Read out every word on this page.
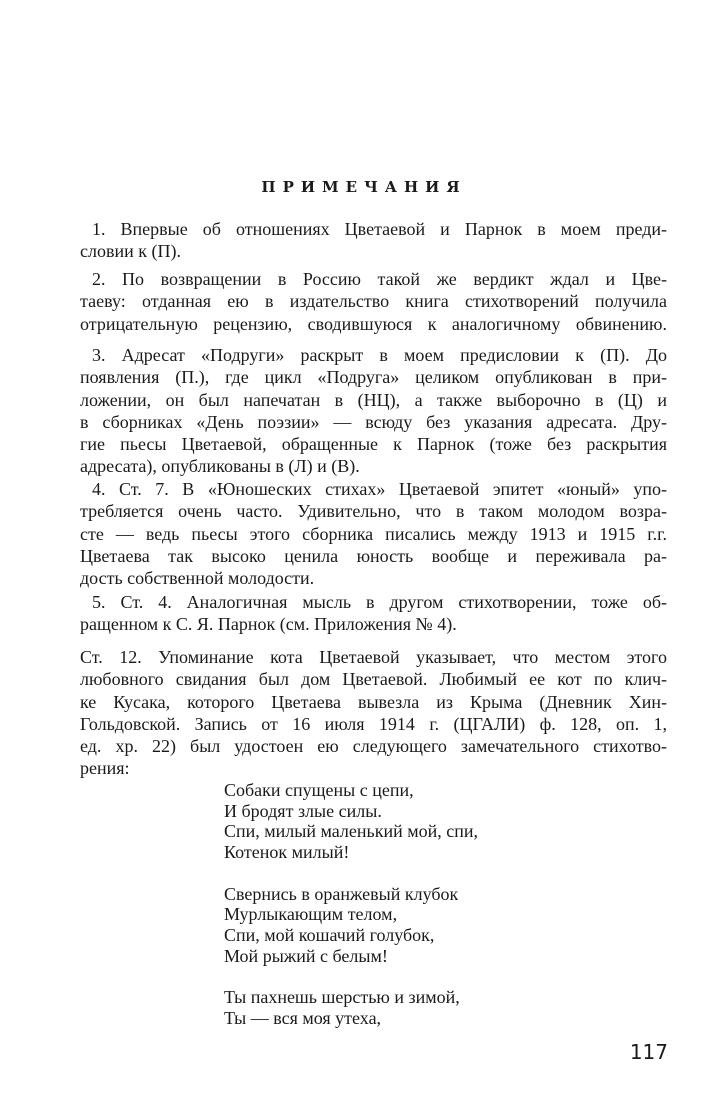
ПРИМЕЧАНИЯ
1. Впервые об отношениях Цветаевой и Парнок в моем преди-
словии к (П).
2. По возвращении в Россию такой же вердикт ждал и Цве-
таеву: отданная ею в издательство книга стихотворений получила
отрицательную рецензию, сводившуюся к аналогичному обвинению.
3. Адресат «Подруги» раскрыт в моем предисловии к (П). До
появления (П.), где цикл «Подруга» целиком опубликован в при-
ложении, он был напечатан в (НЦ), а также выборочно в (Ц) и
в сборниках «День поэзии» — всюду без указания адресата. Дру-
гие пьесы Цветаевой, обращенные к Парнок (тоже без раскрытия
адресата), опубликованы в (Л) и (В).
4. Ст. 7. В «Юношеских стихах» Цветаевой эпитет «юный» упо-
требляется очень часто. Удивительно, что в таком молодом возра-
сте — ведь пьесы этого сборника писались между 1913 и 1915 г.г.
Цветаева так высоко ценила юность вообще и переживала ра-
дость собственной молодости.
5. Ст. 4. Аналогичная мысль в другом стихотворении, тоже об-
ращенном к С. Я. Парнок (см. Приложения № 4).
Ст. 12. Упоминание кота Цветаевой указывает, что местом этого
любовного свидания был дом Цветаевой. Любимый ее кот по клич-
ке Кусака, которого Цветаева вывезла из Крыма (Дневник Хин-
Гольдовской. Запись от 16 июля 1914 г. (ЦГАЛИ) ф. 128, оп. 1,
ед. хр. 22) был удостоен ею следующего замечательного стихотво-
рения:
Собаки спущены с цепи,
И бродят злые силы.
Спи, милый маленький мой, спи,
Котенок милый!
Свернись в оранжевый клубок
Мурлыкающим телом,
Спи, мой кошачий голубок,
Мой рыжий с белым!
Ты пахнешь шерстью и зимой,
Ты — вся моя утеха,
117
